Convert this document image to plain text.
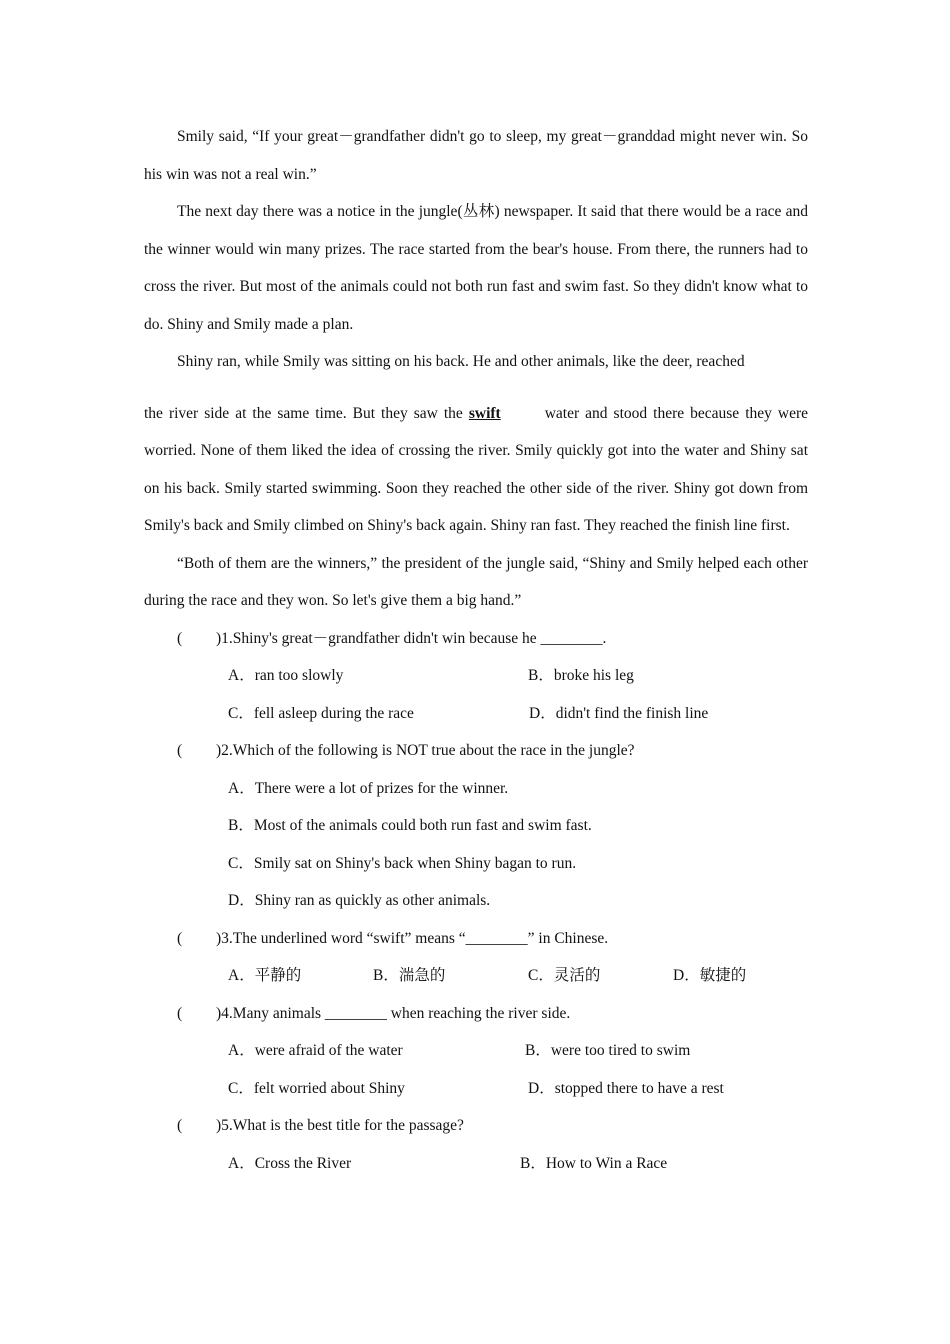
Smily said, “If your great－grandfather didn't go to sleep, my great－granddad might never win. So his win was not a real win.”

The next day there was a notice in the jungle(丛林) newspaper. It said that there would be a race and the winner would win many prizes. The race started from the bear's house. From there, the runners had to cross the river. But most of the animals could not both run fast and swim fast. So they didn't know what to do. Shiny and Smily made a plan.

Shiny ran, while Smily was sitting on his back. He and other animals, like the deer, reached

the river side at the same time. But they saw the swift	water and stood there because they were worried. None of them liked the idea of crossing the river. Smily quickly got into the water and Shiny sat on his back. Smily started swimming. Soon they reached the other side of the river. Shiny got down from Smily's back and Smily climbed on Shiny's back again. Shiny ran fast. They reached the finish line first.

“Both of them are the winners,” the president of the jungle said, “Shiny and Smily helped each other during the race and they won. So let's give them a big hand.”

( )1.Shiny's great－grandfather didn't win because he ________.
A．ran too slowly	B．broke his leg
C．fell asleep during the race	D．didn't find the finish line
( )2.Which of the following is NOT true about the race in the jungle?
A．There were a lot of prizes for the winner.
B．Most of the animals could both run fast and swim fast.
C．Smily sat on Shiny's back when Shiny bagan to run.
D．Shiny ran as quickly as other animals.
( )3.The underlined word “swift” means “________” in Chinese.
A．平静的	B．湍急的	C．灵活的	D．敏捷的
( )4.Many animals ________ when reaching the river side.
A．were afraid of the water	B．were too tired to swim
C．felt worried about Shiny	D．stopped there to have a rest
( )5.What is the best title for the passage?
A．Cross the River	B．How to Win a Race
